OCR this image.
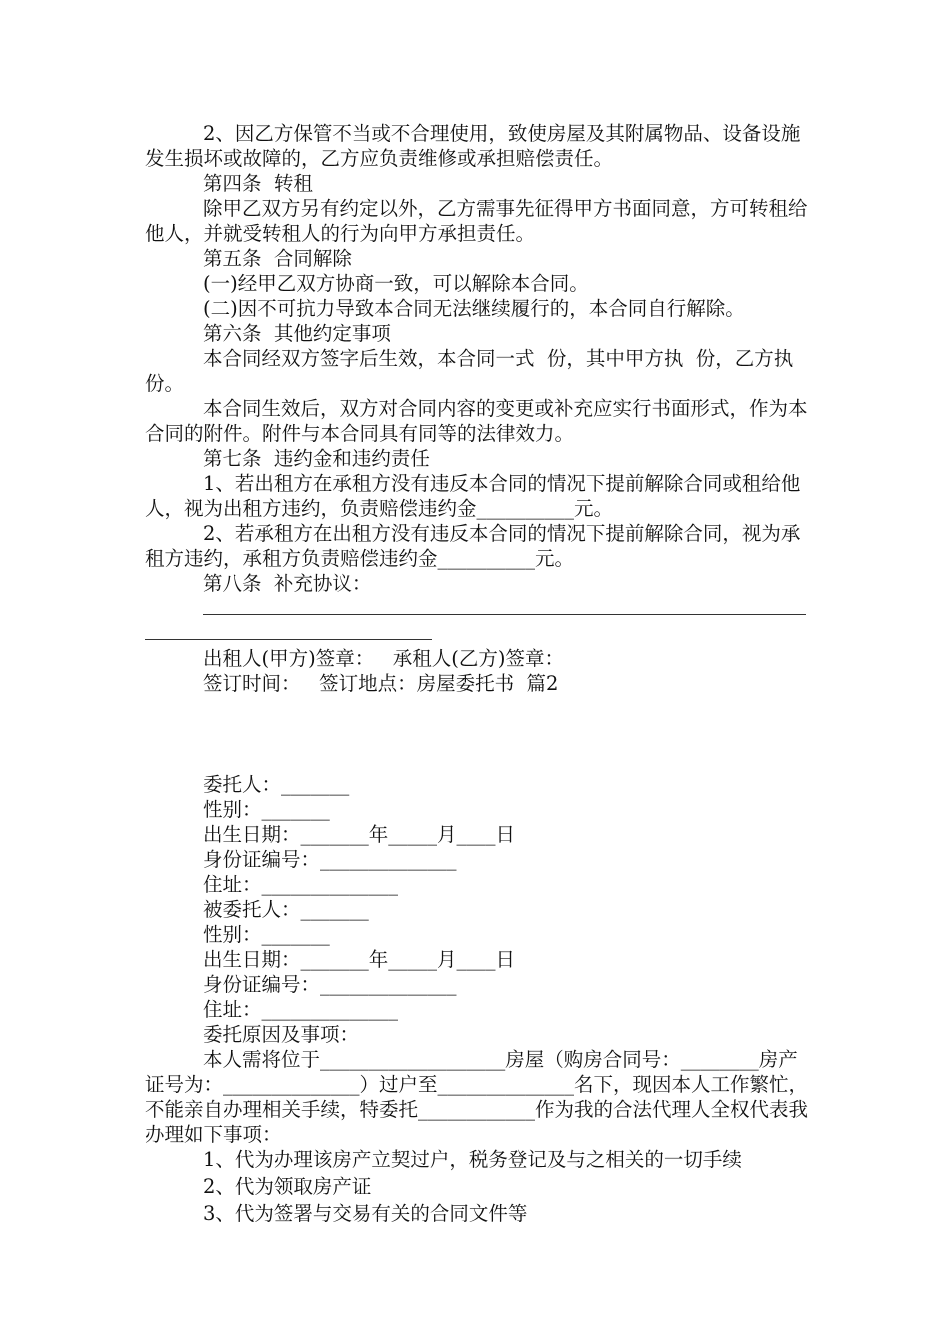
2、因乙方保管不当或不合理使用，致使房屋及其附属物品、设备设施发生损坏或故障的，乙方应负责维修或承担赔偿责任。

第四条  转租

除甲乙双方另有约定以外，乙方需事先征得甲方书面同意，方可转租给他人，并就受转租人的行为向甲方承担责任。

第五条  合同解除

(一)经甲乙双方协商一致，可以解除本合同。

(二)因不可抗力导致本合同无法继续履行的，本合同自行解除。

第六条  其他约定事项

本合同经双方签字后生效，本合同一式  份，其中甲方执  份，乙方执  份。

本合同生效后，双方对合同内容的变更或补充应实行书面形式，作为本合同的附件。附件与本合同具有同等的法律效力。

第七条  违约金和违约责任

1、若出租方在承租方没有违反本合同的情况下提前解除合同或租给他人，视为出租方违约，负责赔偿违约金__________元。

2、若承租方在出租方没有违反本合同的情况下提前解除合同，视为承租方违约，承租方负责赔偿违约金__________元。

第八条  补充协议：

出租人(甲方)签章：   承租人(乙方)签章：

签订时间：   签订地点：房屋委托书  篇2

委托人：_______

性别：_______

出生日期：_______年_____月____日

身份证编号：______________

住址：______________

被委托人：_______

性别：_______

出生日期：_______年_____月____日

身份证编号：______________

住址：______________

委托原因及事项：

本人需将位于___________________房屋（购房合同号：________房产证号为：______________）过户至______________名下，现因本人工作繁忙，不能亲自办理相关手续，特委托____________作为我的合法代理人全权代表我办理如下事项：

1、代为办理该房产立契过户，税务登记及与之相关的一切手续

2、代为领取房产证

3、代为签署与交易有关的合同文件等
